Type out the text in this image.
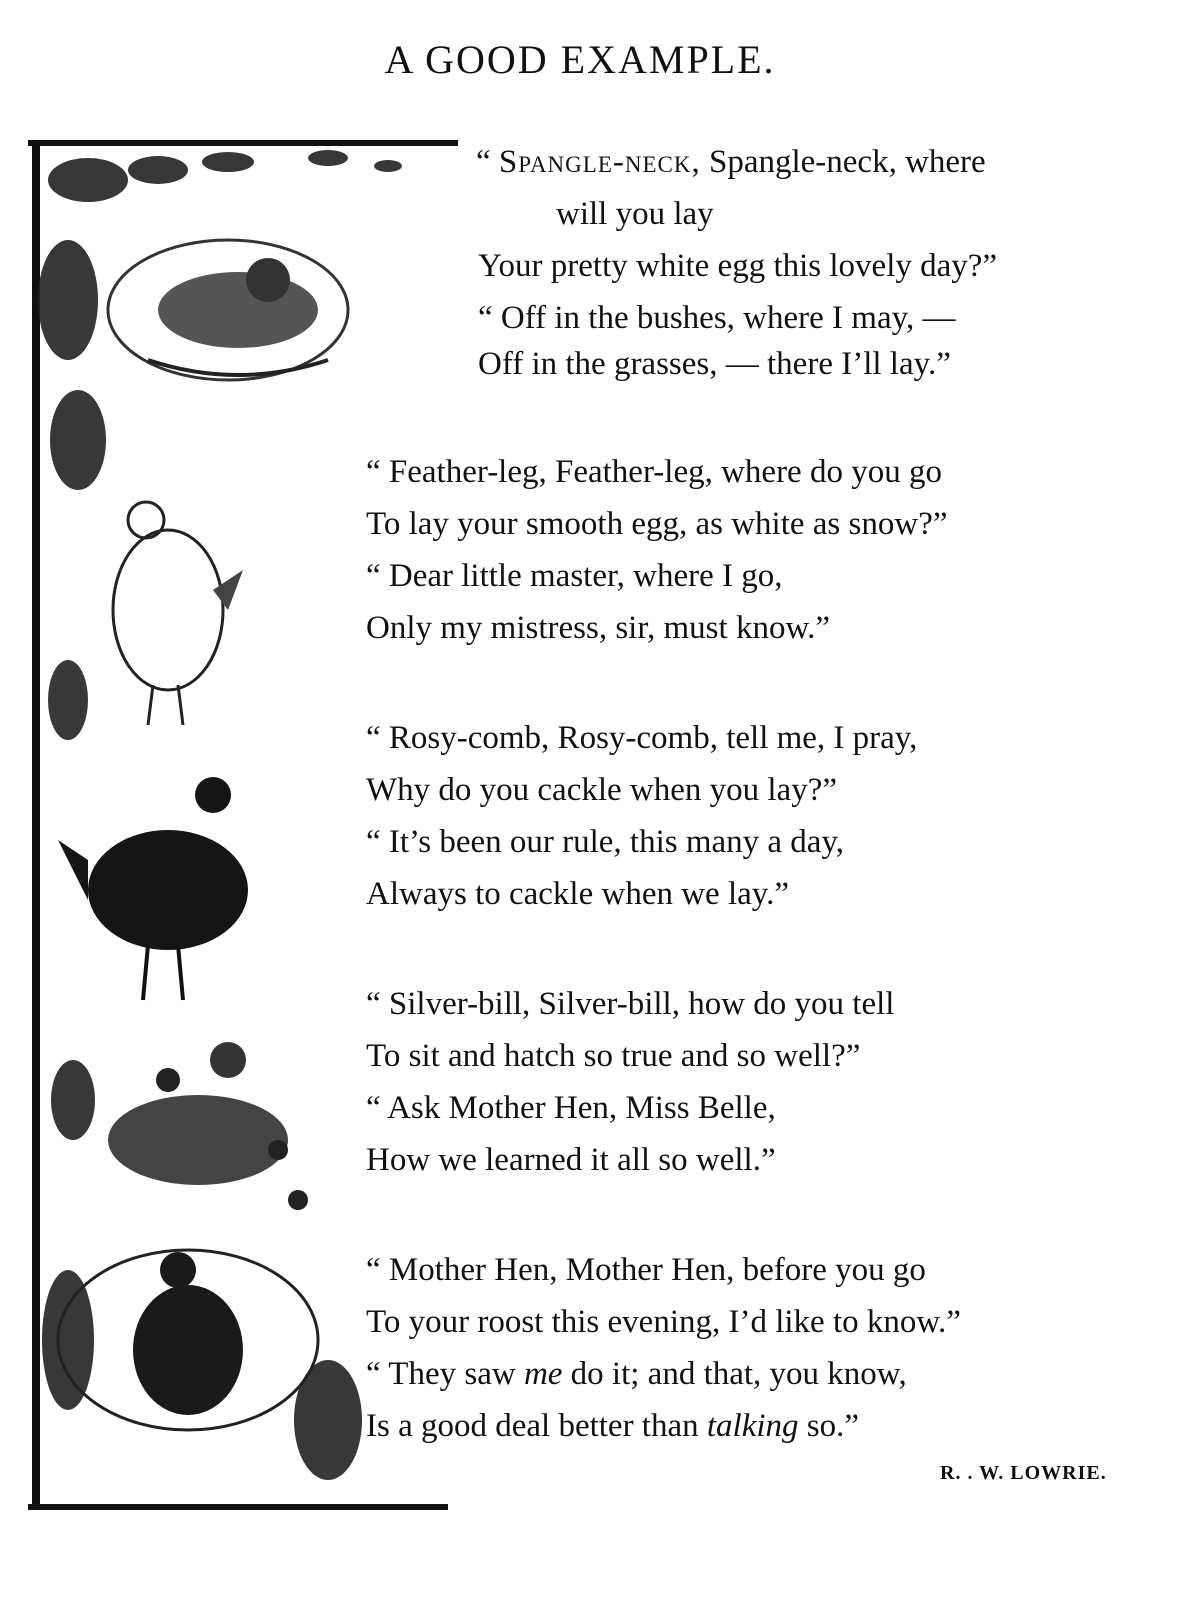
A GOOD EXAMPLE.
“ Spangle-neck, Spangle-neck, where
will you lay
Your pretty white egg this lovely day?”
“ Off in the bushes, where I may, —
Off in the grasses, — there I’ll lay.”
“ Feather-leg, Feather-leg, where do you go
To lay your smooth egg, as white as snow?”
“ Dear little master, where I go,
Only my mistress, sir, must know.”
“ Rosy-comb, Rosy-comb, tell me, I pray,
Why do you cackle when you lay?”
“ It’s been our rule, this many a day,
Always to cackle when we lay.”
“ Silver-bill, Silver-bill, how do you tell
To sit and hatch so true and so well?”
“ Ask Mother Hen, Miss Belle,
How we learned it all so well.”
“ Mother Hen, Mother Hen, before you go
To your roost this evening, I’d like to know.”
“ They saw me do it; and that, you know,
Is a good deal better than talking so.”
R. . W. LOWRIE.
